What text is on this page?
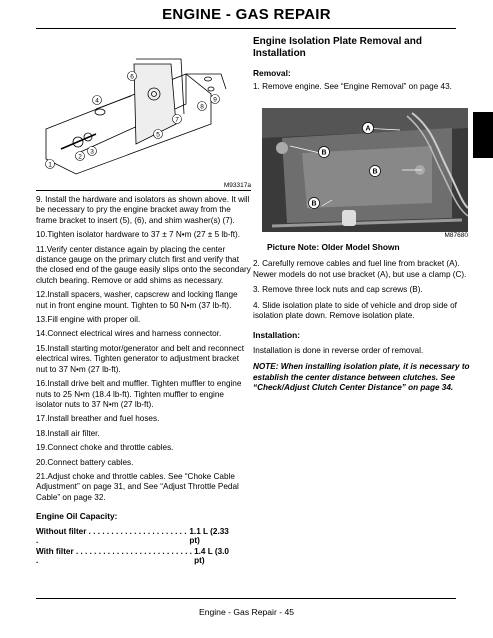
ENGINE - GAS REPAIR
6
4
8
9
7
5
3
2
1
M93317a

9. Install the hardware and isolators as shown above. It will be necessary to pry the engine bracket away from the frame bracket to insert (5), (6), and shim washer(s) (7).

10.Tighten isolator hardware to 37 ± 7 N•m (27 ± 5 lb-ft).

11.Verify center distance again by placing the center distance gauge on the primary clutch first and verify that the closed end of the gauge easily slips onto the secondary clutch bearing. Remove or add shims as necessary.

12.Install spacers, washer, capscrew and locking flange nut in front engine mount. Tighten to 50 N•m (37 lb-ft).

13.Fill engine with proper oil.

14.Connect electrical wires and harness connector.

15.Install starting motor/generator and belt and reconnect electrical wires. Tighten generator to adjustment bracket nut to 37 N•m (27 lb-ft).

16.Install drive belt and muffler. Tighten muffler to engine nuts to 25 N•m (18.4 lb-ft). Tighten muffler to engine isolator nuts to 37 N•m (27 lb-ft).

17.Install breather and fuel hoses.

18.Install air filter.

19.Connect choke and throttle cables.

20.Connect battery cables.

21.Adjust choke and throttle cables. See “Choke Cable Adjustment” on page 31, and See “Adjust Throttle Pedal Cable” on page 32.

Engine Oil Capacity:

Without filter . . . . . . . . . . . . . . . . . . . . . . .
1.1 L (2.33 pt)
With filter . . . . . . . . . . . . . . . . . . . . . . . . . . .
1.4 L (3.0 pt)

Engine Isolation Plate Removal and Installation

Removal:

1. Remove engine. See “Engine Removal” on page 43.

A
B
B
B
M87680

Picture Note: Older Model Shown

2. Carefully remove cables and fuel line from bracket (A). Newer models do not use bracket (A), but use a clamp (C).

3. Remove three lock nuts and cap screws (B).

4. Slide isolation plate to side of vehicle and drop side of isolation plate down. Remove isolation plate.

Installation:

Installation is done in reverse order of removal.

NOTE: When installing isolation plate, it is necessary to establish the center distance between clutches. See “Check/Adjust Clutch Center Distance” on page 34.

Engine - Gas Repair - 45
